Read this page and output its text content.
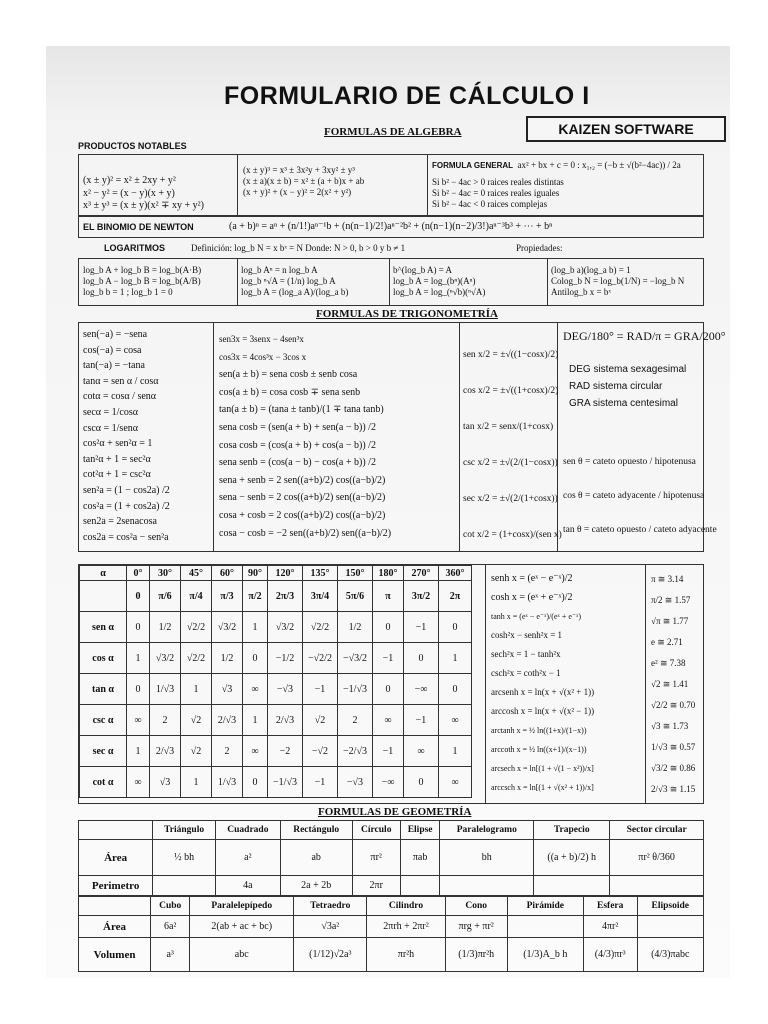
FORMULARIO DE CÁLCULO I
KAIZEN SOFTWARE
FORMULAS DE ALGEBRA
PRODUCTOS NOTABLES
(x ± y)² = x² ± 2xy + y²
x² − y² = (x − y)(x + y)
x³ ± y³ = (x ± y)(x² ∓ xy + y²)
(x ± y)³ = x³ ± 3x²y + 3xy² ± y³
(x ± a)(x ± b) = x² ± (a + b)x + ab
(x + y)² + (x − y)² = 2(x² + y²)
FORMULA GENERAL ax² + bx + c = 0 : x₁,₂ = (−b ± √(b²−4ac)) / 2a
Si b² − 4ac > 0 raices reales distintas
Si b² − 4ac = 0 raices reales iguales
Si b² − 4ac < 0 raices complejas
EL BINOMIO DE NEWTON	(a + b)ⁿ = aⁿ + (n/1!)aⁿ⁻¹b + (n(n−1)/2!)aⁿ⁻²b² + (n(n−1)(n−2)/3!)aⁿ⁻³b³ + ⋯ + bⁿ
LOGARITMOS	Definición: log_b N = x bˣ = N Donde: N > 0, b > 0 y b ≠ 1	Propiedades:
log_b A + log_b B = log_b(A·B)
log_b A − log_b B = log_b(A/B)
log_b b = 1 ; log_b 1 = 0
log_b Aⁿ = n log_b A
log_b ⁿ√A = (1/n) log_b A
log_b A = (log_a A)/(log_a b)
b^(log_b A) = A
log_b A = log_(bⁿ)(Aⁿ)
log_b A = log_(ⁿ√b)(ⁿ√A)
(log_b a)(log_a b) = 1
Colog_b N = log_b(1/N) = −log_b N
Antilog_b x = bˣ
FORMULAS DE TRIGONOMETRÍA
sen(−a) = −sena
cos(−a) = cosa
tan(−a) = −tana
tanα = sen α / cosα
cotα = cosα / senα
secα = 1/cosα
cscα = 1/senα
cos²α + sen²α = 1
tan²α + 1 = sec²α
cot²α + 1 = csc²α
sen²a = (1 − cos2a) /2
cos²a = (1 + cos2a) /2
sen2a = 2senacosa
cos2a = cos²a − sen²a
sen3x = 3senx − 4sen³x
cos3x = 4cos³x − 3cos x
sen(a ± b) = sena cosb ± senb cosa
cos(a ± b) = cosa cosb ∓ sena senb
tan(a ± b) = (tana ± tanb)/(1 ∓ tana tanb)
sena cosb = (sen(a + b) + sen(a − b)) /2
cosa cosb = (cos(a + b) + cos(a − b)) /2
sena senb = (cos(a − b) − cos(a + b)) /2
sena + senb = 2 sen((a+b)/2) cos((a−b)/2)
sena − senb = 2 cos((a+b)/2) sen((a−b)/2)
cosa + cosb = 2 cos((a+b)/2) cos((a−b)/2)
cosa − cosb = −2 sen((a+b)/2) sen((a−b)/2)
sen x/2 = ±√((1−cosx)/2)
cos x/2 = ±√((1+cosx)/2)
tan x/2 = senx/(1+cosx)
csc x/2 = ±√(2/(1−cosx))
sec x/2 = ±√(2/(1+cosx))
cot x/2 = (1+cosx)/(sen x)
DEG/180° = RAD/π = GRA/200°
DEG sistema sexagesimal
RAD sistema circular
GRA sistema centesimal
sen θ = cateto opuesto / hipotenusa
cos θ = cateto adyacente / hipotenusa
tan θ = cateto opuesto / cateto adyacente
α	0°	30°	45°	60°	90°	120°	135°	150°	180°	270°	360°
	0	π/6	π/4	π/3	π/2	2π/3	3π/4	5π/6	π	3π/2	2π
sen α	0	1/2	√2/2	√3/2	1	√3/2	√2/2	1/2	0	−1	0
cos α	1	√3/2	√2/2	1/2	0	−1/2	−√2/2	−√3/2	−1	0	1
tan α	0	1/√3	1	√3	∞	−√3	−1	−1/√3	0	−∞	0
csc α	∞	2	√2	2/√3	1	2/√3	√2	2	∞	−1	∞
sec α	1	2/√3	√2	2	∞	−2	−√2	−2/√3	−1	∞	1
cot α	∞	√3	1	1/√3	0	−1/√3	−1	−√3	−∞	0	∞
senh x = (eˣ − e⁻ˣ)/2
cosh x = (eˣ + e⁻ˣ)/2
tanh x = (eˣ − e⁻ˣ)/(eˣ + e⁻ˣ)
cosh²x − senh²x = 1
sech²x = 1 − tanh²x
csch²x = coth²x − 1
arcsenh x = ln(x + √(x² + 1))
arccosh x = ln(x + √(x² − 1))
arctanh x = ½ ln((1+x)/(1−x))
arccoth x = ½ ln((x+1)/(x−1))
arcsech x = ln[(1 + √(1 − x²))/x]
arccsch x = ln[(1 + √(x² + 1))/x]
π ≅ 3.14
π/2 ≅ 1.57
√π ≅ 1.77
e ≅ 2.71
e² ≅ 7.38
√2 ≅ 1.41
√2/2 ≅ 0.70
√3 ≅ 1.73
1/√3 ≅ 0.57
√3/2 ≅ 0.86
2/√3 ≅ 1.15
FORMULAS DE GEOMETRÍA
	Triángulo	Cuadrado	Rectángulo	Círculo	Elipse	Paralelogramo	Trapecio	Sector circular
Área	½ bh	a²	ab	πr²	πab	bh	((a + b)/2) h	πr² θ/360
Perimetro		4a	2a + 2b	2πr				
	Cubo	Paralelepípedo	Tetraedro	Cilindro	Cono	Pirámide	Esfera	Elipsoide
Área	6a²	2(ab + ac + bc)	√3a²	2πrh + 2πr²	πrg + πr²		4πr²	
Volumen	a³	abc	(1/12)√2a³	πr²h	(1/3)πr²h	(1/3)A_b h	(4/3)πr³	(4/3)πabc
